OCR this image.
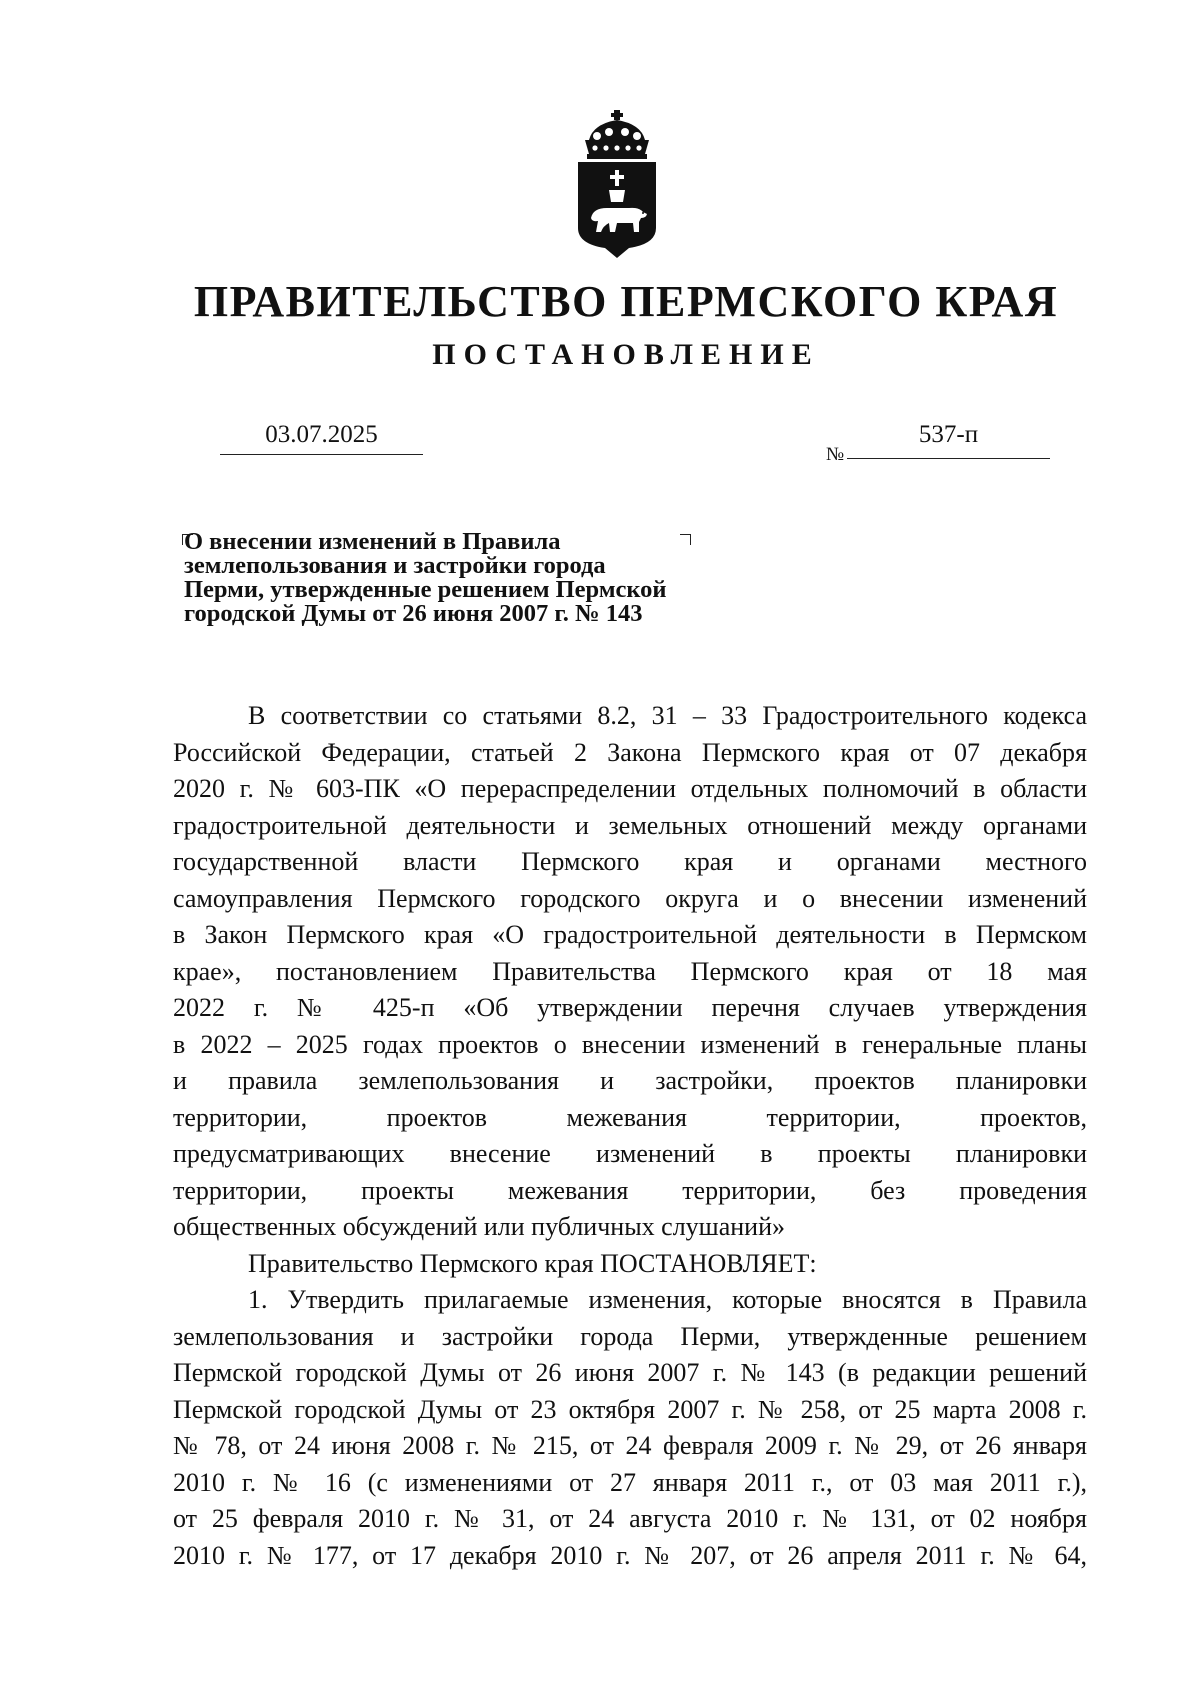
ПРАВИТЕЛЬСТВО ПЕРМСКОГО КРАЯ
ПОСТАНОВЛЕНИЕ
03.07.2025
№
537-п
О внесении изменений в Правила
землепользования и застройки города
Перми, утвержденные решением Пермской
городской Думы от 26 июня 2007 г. № 143
В соответствии со статьями 8.2, 31 – 33 Градостроительного кодекса
Российской Федерации, статьей 2 Закона Пермского края от 07 декабря
2020 г. № 603-ПК «О перераспределении отдельных полномочий в области
градостроительной деятельности и земельных отношений между органами
государственной власти Пермского края и органами местного
самоуправления Пермского городского округа и о внесении изменений
в Закон Пермского края «О градостроительной деятельности в Пермском
крае», постановлением Правительства Пермского края от 18 мая
2022 г. № 425-п «Об утверждении перечня случаев утверждения
в 2022 – 2025 годах проектов о внесении изменений в генеральные планы
и правила землепользования и застройки, проектов планировки
территории, проектов межевания территории, проектов,
предусматривающих внесение изменений в проекты планировки
территории, проекты межевания территории, без проведения
общественных обсуждений или публичных слушаний»
Правительство Пермского края ПОСТАНОВЛЯЕТ:
1. Утвердить прилагаемые изменения, которые вносятся в Правила
землепользования и застройки города Перми, утвержденные решением
Пермской городской Думы от 26 июня 2007 г. № 143 (в редакции решений
Пермской городской Думы от 23 октября 2007 г. № 258, от 25 марта 2008 г.
№ 78, от 24 июня 2008 г. № 215, от 24 февраля 2009 г. № 29, от 26 января
2010 г. № 16 (с изменениями от 27 января 2011 г., от 03 мая 2011 г.),
от 25 февраля 2010 г. № 31, от 24 августа 2010 г. № 131, от 02 ноября
2010 г. № 177, от 17 декабря 2010 г. № 207, от 26 апреля 2011 г. № 64,
